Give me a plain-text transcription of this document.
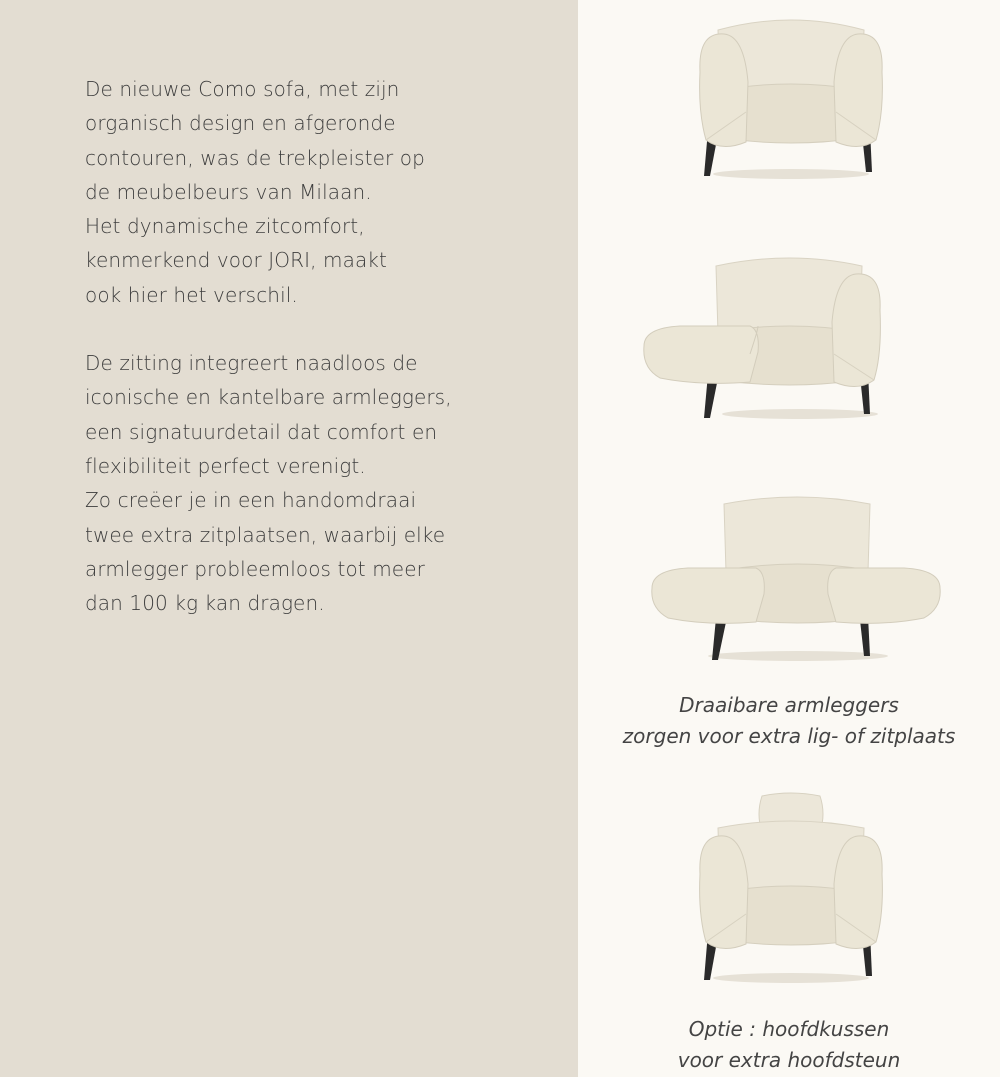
De nieuwe Como sofa, met zijn
organisch design en afgeronde
contouren, was de trekpleister op
de meubelbeurs van Milaan.
Het dynamische zitcomfort,
kenmerkend voor JORI, maakt
ook hier het verschil.

De zitting integreert naadloos de
iconische en kantelbare armleggers,
een signatuurdetail dat comfort en
flexibiliteit perfect verenigt.
Zo creëer je in een handomdraai
twee extra zitplaatsen, waarbij elke
armlegger probleemloos tot meer
dan 100 kg kan dragen.

Draaibare armleggers
zorgen voor extra lig- of zitplaats
Optie : hoofdkussen
voor extra hoofdsteun
